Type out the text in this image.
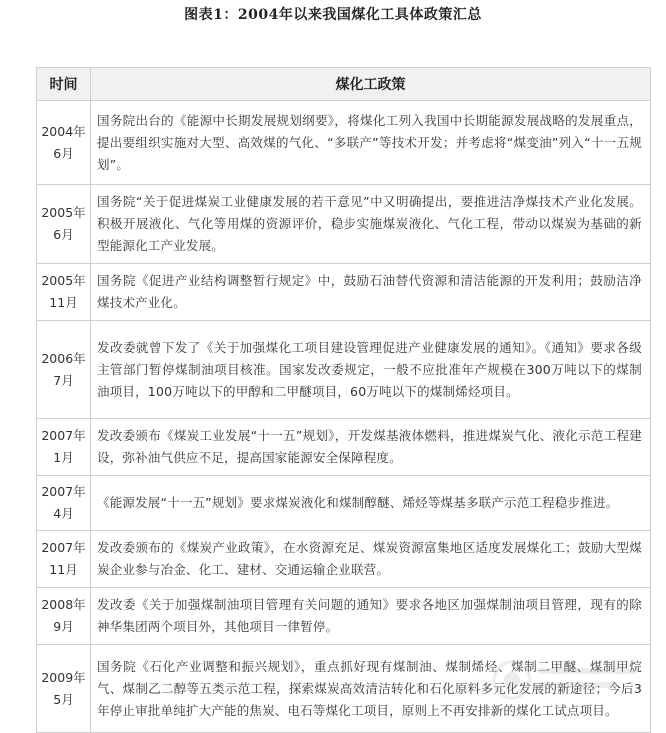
图表1：2004年以来我国煤化工具体政策汇总
时间	煤化工政策
2004年6月	国务院出台的《能源中长期发展规划纲要》，将煤化工列入我国中长期能源发展战略的发展重点，提出要组织实施对大型、高效煤的气化、“多联产”等技术开发；并考虑将“煤变油”列入“十一五规划”。
2005年6月	国务院“关于促进煤炭工业健康发展的若干意见”中又明确提出，要推进洁净煤技术产业化发展。积极开展液化、气化等用煤的资源评价，稳步实施煤炭液化、气化工程，带动以煤炭为基础的新型能源化工产业发展。
2005年11月	国务院《促进产业结构调整暂行规定》中，鼓励石油替代资源和清洁能源的开发利用；鼓励洁净煤技术产业化。
2006年7月	发改委就曾下发了《关于加强煤化工项目建设管理促进产业健康发展的通知》。《通知》要求各级主管部门暂停煤制油项目核准。国家发改委规定，一般不应批准年产规模在300万吨以下的煤制油项目，100万吨以下的甲醇和二甲醚项目，60万吨以下的煤制烯烃项目。
2007年1月	发改委颁布《煤炭工业发展“十一五”规划》，开发煤基液体燃料，推进煤炭气化、液化示范工程建设，弥补油气供应不足，提高国家能源安全保障程度。
2007年4月	《能源发展“十一五”规划》要求煤炭液化和煤制醇醚、烯烃等煤基多联产示范工程稳步推进。
2007年11月	发改委颁布的《煤炭产业政策》，在水资源充足、煤炭资源富集地区适度发展煤化工；鼓励大型煤炭企业参与冶金、化工、建材、交通运输企业联营。
2008年9月	发改委《关于加强煤制油项目管理有关问题的通知》要求各地区加强煤制油项目管理，现有的除神华集团两个项目外，其他项目一律暂停。
2009年5月	国务院《石化产业调整和振兴规划》，重点抓好现有煤制油、煤制烯烃、煤制二甲醚、煤制甲烷气、煤制乙二醇等五类示范工程，探索煤炭高效清洁转化和石化原料多元化发展的新途径；今后3年停止审批单纯扩大产能的焦炭、电石等煤化工项目，原则上不再安排新的煤化工试点项目。
